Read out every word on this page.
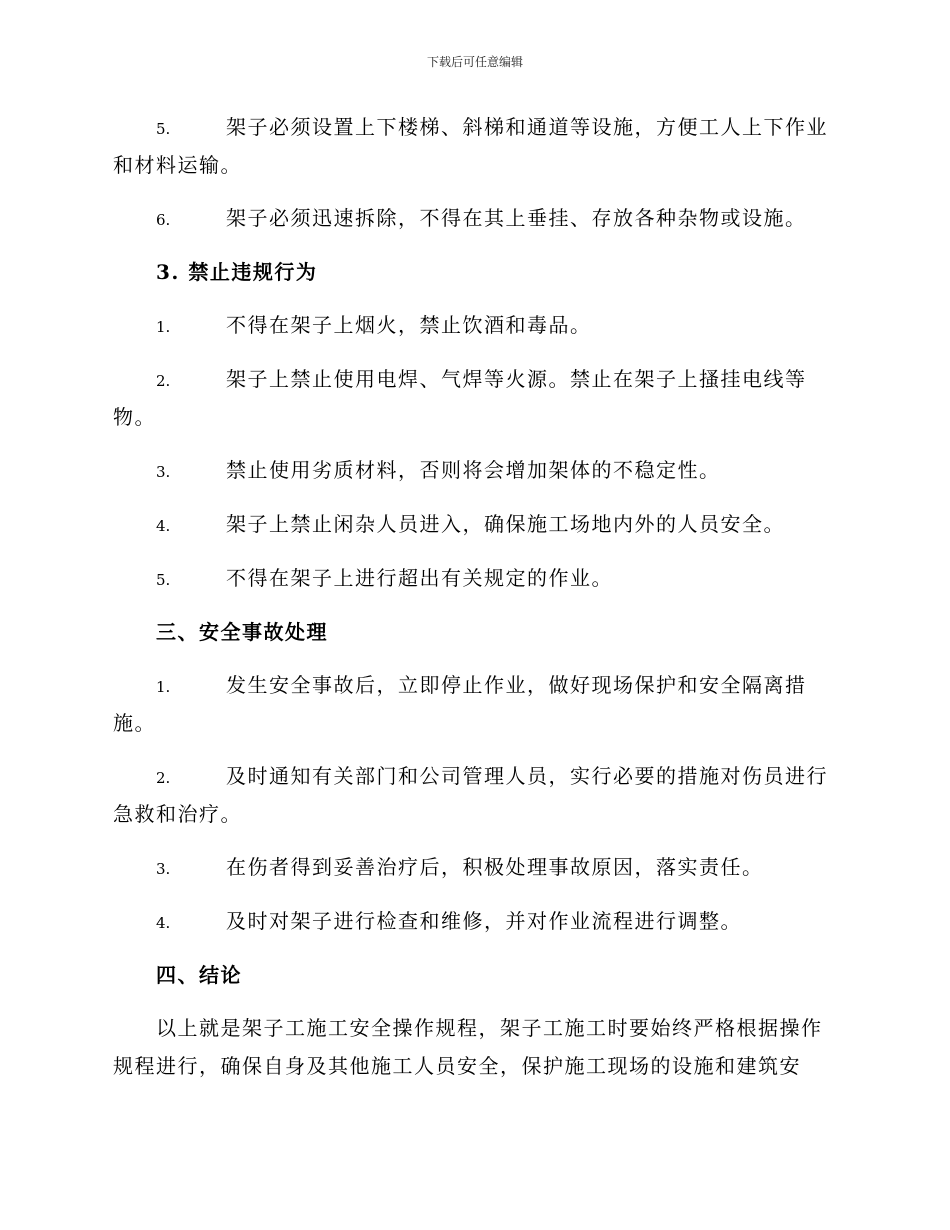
下载后可任意编辑
5.	架子必须设置上下楼梯、斜梯和通道等设施，方便工人上下作业
和材料运输。
6.	架子必须迅速拆除，不得在其上垂挂、存放各种杂物或设施。
3. 禁止违规行为
1.	不得在架子上烟火，禁止饮酒和毒品。
2.	架子上禁止使用电焊、气焊等火源。禁止在架子上搔挂电线等
物。
3.	禁止使用劣质材料，否则将会增加架体的不稳定性。
4.	架子上禁止闲杂人员进入，确保施工场地内外的人员安全。
5.	不得在架子上进行超出有关规定的作业。
三、安全事故处理
1.	发生安全事故后，立即停止作业，做好现场保护和安全隔离措
施。
2.	及时通知有关部门和公司管理人员，实行必要的措施对伤员进行
急救和治疗。
3.	在伤者得到妥善治疗后，积极处理事故原因，落实责任。
4.	及时对架子进行检查和维修，并对作业流程进行调整。
四、结论
以上就是架子工施工安全操作规程，架子工施工时要始终严格根据操作
规程进行，确保自身及其他施工人员安全，保护施工现场的设施和建筑安
